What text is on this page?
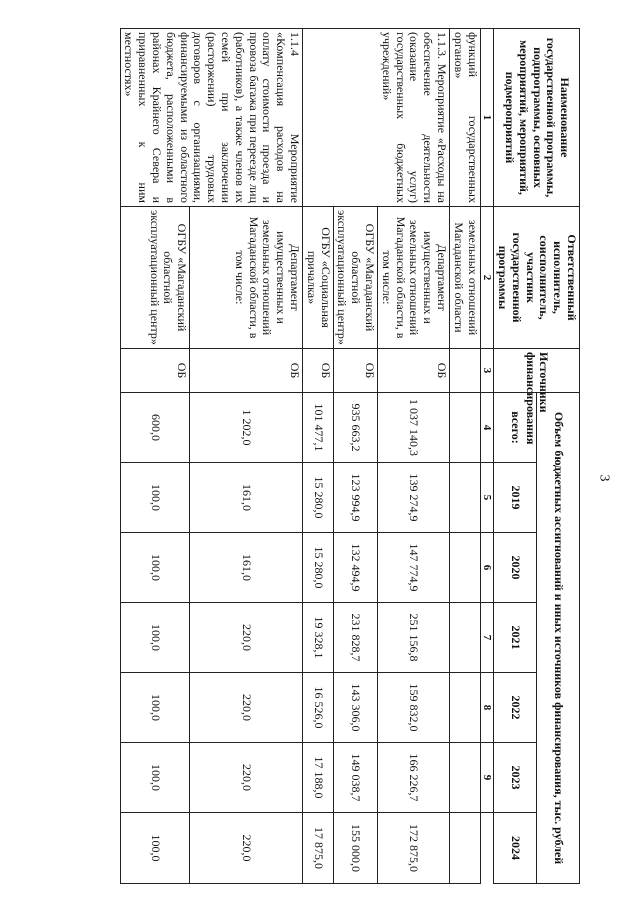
3
Наименование государственной программы, подпрограммы, основных мероприятий, мероприятий, подмероприятий	Ответственный исполнитель, соисполнитель, участник государственной программы	Источники финансирования	Объем бюджетных ассигнований и иных источников финансирования, тыс. рублей						
			всего:	2019	2020	2021	2022	2023	2024
1	2	3	4	5	6	7	8	9	
функций государственных органов»	земельных отношений Магаданской области								
1.1.3. Мероприятие «Расходы на обеспечение деятельности (оказание услуг) государственных бюджетных учреждений»	Департамент имущественных и земельных отношений Магаданской области, в том числе:	ОБ	1 037 140,3	139 274,9	147 774,9	251 156,8	159 832,0	166 226,7	172 875,0
	ОГБУ «Магаданский областной эксплуатационный центр»	ОБ	935 663,2	123 994,9	132 494,9	231 828,7	143 306,0	149 038,7	155 000,0
	ОГБУ «Социальная причалка»	ОБ	101 477,1	15 280,0	15 280,0	19 328,1	16 526,0	17 188,0	17 875,0
1.1.4 Мероприятие «Компенсация расходов на оплату стоимости проезда и провоза багажа при переезде лиц (работников), а также членов их семей при заключении (расторжении) трудовых договоров с организациями, финансируемыми из областного бюджета, расположенными в районах Крайнего Севера и приравненных к ним местностях»	Департамент имущественных и земельных отношений Магаданской области, в том числе:	ОБ	1 202,0	161,0	161,0	220,0	220,0	220,0	220,0
	ОГБУ «Магаданский областной эксплуатационный центр»	ОБ	600,0	100,0	100,0	100,0	100,0	100,0	100,0
